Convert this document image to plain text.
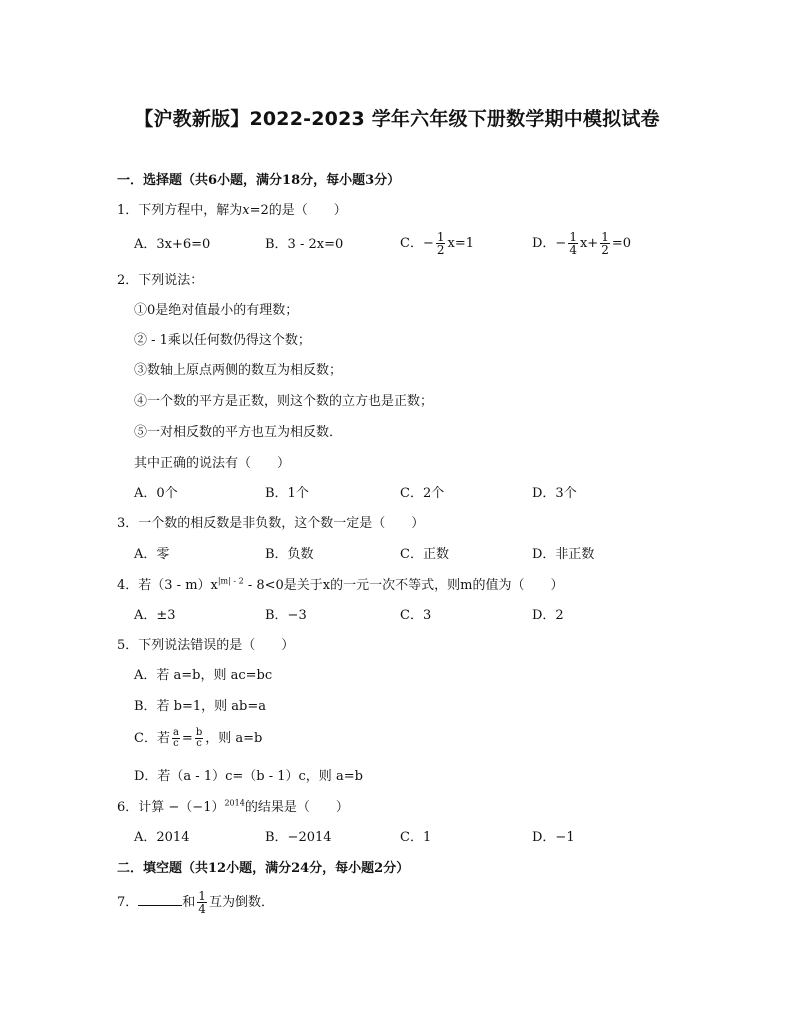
【沪教新版】2022-2023 学年六年级下册数学期中模拟试卷
一．选择题（共6小题，满分18分，每小题3分）
1．下列方程中，解为x=2的是（　　）
A．3x+6=0	B．3 - 2x=0	C．− $\frac{1}{2} x=1$	D．− $\frac{1}{4} x+ \frac{1}{2} =0$
2．下列说法：
①0是绝对值最小的有理数；
② - 1乘以任何数仍得这个数；
③数轴上原点两侧的数互为相反数；
④一个数的平方是正数，则这个数的立方也是正数；
⑤一对相反数的平方也互为相反数．
其中正确的说法有（　　）
A．0个	B．1个	C．2个	D．3个
3．一个数的相反数是非负数，这个数一定是（　　）
A．零	B．负数	C．正数	D．非正数
4．若$(3 - m)x^{|m| - 2} - 8<0$是关于x的一元一次不等式，则m的值为（　　）
A．±3	B．−3	C．3	D．2
5．下列说法错误的是（　　）
A．若 a=b，则 ac=bc
B．若 b=1，则 ab=a
C．若 $\frac{a}{c} = \frac{b}{c}$ ，则 a=b
D．若（a - 1）c=（b - 1）c，则 a=b
6．计算 $-(-1)^{2014}$的结果是（　　）
A．2014	B．−2014	C．1	D．−1
二．填空题（共12小题，满分24分，每小题2分）
7．	和 $\frac{1}{4}$ 互为倒数．
